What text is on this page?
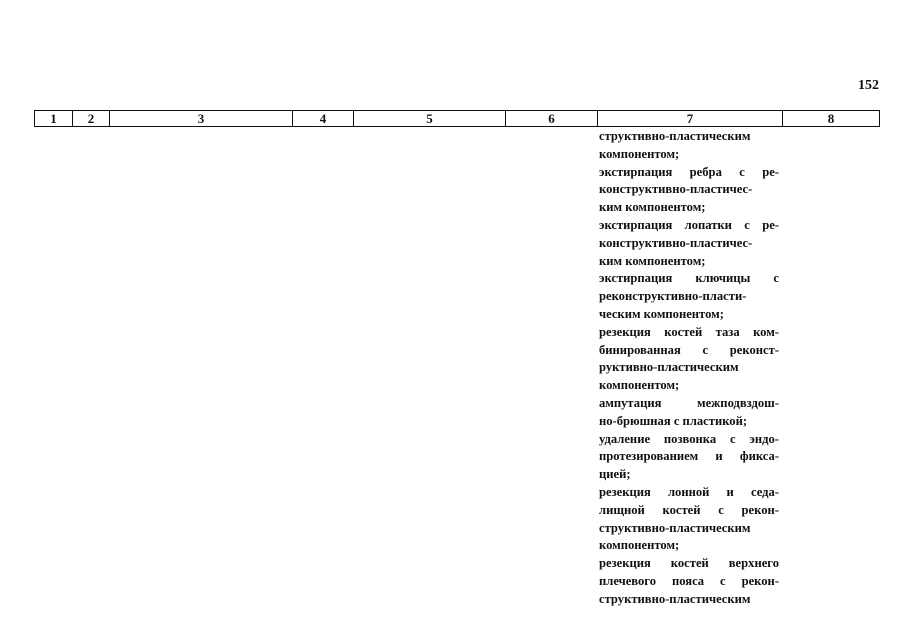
152
1	2	3	4	5	6	7	8
структивно-пластическим
компонентом;
экстирпация ребра с ре-
конструктивно-пластичес-
ким компонентом;
экстирпация лопатки с ре-
конструктивно-пластичес-
ким компонентом;
экстирпация ключицы с
реконструктивно-пласти-
ческим компонентом;
резекция костей таза ком-
бинированная с реконст-
руктивно-пластическим
компонентом;
ампутация межподвздош-
но-брюшная с пластикой;
удаление позвонка с эндо-
протезированием и фикса-
цией;
резекция лонной и седа-
лищной костей с рекон-
структивно-пластическим
компонентом;
резекция костей верхнего
плечевого пояса с рекон-
структивно-пластическим
